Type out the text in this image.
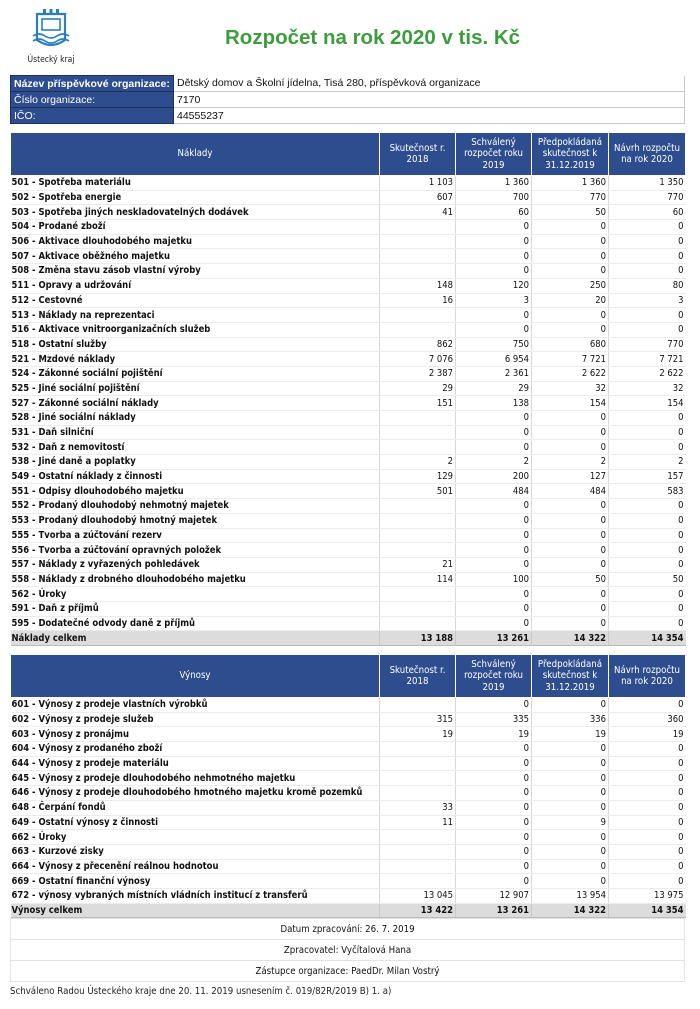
Ústecký kraj
Rozpočet na rok 2020 v tis. Kč
Název příspěvkové organizace:	Dětský domov a Školní jídelna, Tisá 280, příspěvková organizace
Číslo organizace:	7170
IČO:	44555237
Náklady	Skutečnost r. 2018	Schválený rozpočet roku 2019	Předpokládaná skutečnost k 31.12.2019	Návrh rozpočtu na rok 2020
501 - Spotřeba materiálu	1 103	1 360	1 360	1 350
502 - Spotřeba energie	607	700	770	770
503 - Spotřeba jiných neskladovatelných dodávek	41	60	50	60
504 - Prodané zboží		0	0	0
506 - Aktivace dlouhodobého majetku		0	0	0
507 - Aktivace oběžného majetku		0	0	0
508 - Změna stavu zásob vlastní výroby		0	0	0
511 - Opravy a udržování	148	120	250	80
512 - Cestovné	16	3	20	3
513 - Náklady na reprezentaci		0	0	0
516 - Aktivace vnitroorganizačních služeb		0	0	0
518 - Ostatní služby	862	750	680	770
521 - Mzdové náklady	7 076	6 954	7 721	7 721
524 - Zákonné sociální pojištění	2 387	2 361	2 622	2 622
525 - Jiné sociální pojištění	29	29	32	32
527 - Zákonné sociální náklady	151	138	154	154
528 - Jiné sociální náklady		0	0	0
531 - Daň silniční		0	0	0
532 - Daň z nemovitostí		0	0	0
538 - Jiné daně a poplatky	2	2	2	2
549 - Ostatní náklady z činnosti	129	200	127	157
551 - Odpisy dlouhodobého majetku	501	484	484	583
552 - Prodaný dlouhodobý nehmotný majetek		0	0	0
553 - Prodaný dlouhodobý hmotný majetek		0	0	0
555 - Tvorba a zúčtování rezerv		0	0	0
556 - Tvorba a zúčtování opravných položek		0	0	0
557 - Náklady z vyřazených pohledávek	21	0	0	0
558 - Náklady z drobného dlouhodobého majetku	114	100	50	50
562 - Úroky		0	0	0
591 - Daň z příjmů		0	0	0
595 - Dodatečné odvody daně z příjmů		0	0	0
Náklady celkem	13 188	13 261	14 322	14 354
Výnosy	Skutečnost r. 2018	Schválený rozpočet roku 2019	Předpokládaná skutečnost k 31.12.2019	Návrh rozpočtu na rok 2020
601 - Výnosy z prodeje vlastních výrobků		0	0	0
602 - Výnosy z prodeje služeb	315	335	336	360
603 - Výnosy z pronájmu	19	19	19	19
604 - Výnosy z prodaného zboží		0	0	0
644 - Výnosy z prodeje materiálu		0	0	0
645 - Výnosy z prodeje dlouhodobého nehmotného majetku		0	0	0
646 - Výnosy z prodeje dlouhodobého hmotného majetku kromě pozemků		0	0	0
648 - Čerpání fondů	33	0	0	0
649 - Ostatní výnosy z činnosti	11	0	9	0
662 - Úroky		0	0	0
663 - Kurzové zisky		0	0	0
664 - Výnosy z přecenění reálnou hodnotou		0	0	0
669 - Ostatní finanční výnosy		0	0	0
672 - výnosy vybraných místních vládních institucí z transferů	13 045	12 907	13 954	13 975
Výnosy celkem	13 422	13 261	14 322	14 354
Datum zpracování: 26. 7. 2019
Zpracovatel: Vyčítalová Hana
Zástupce organizace: PaedDr. Milan Vostrý
Schváleno Radou Ústeckého kraje dne 20. 11. 2019 usnesením č. 019/82R/2019 B) 1. a)
